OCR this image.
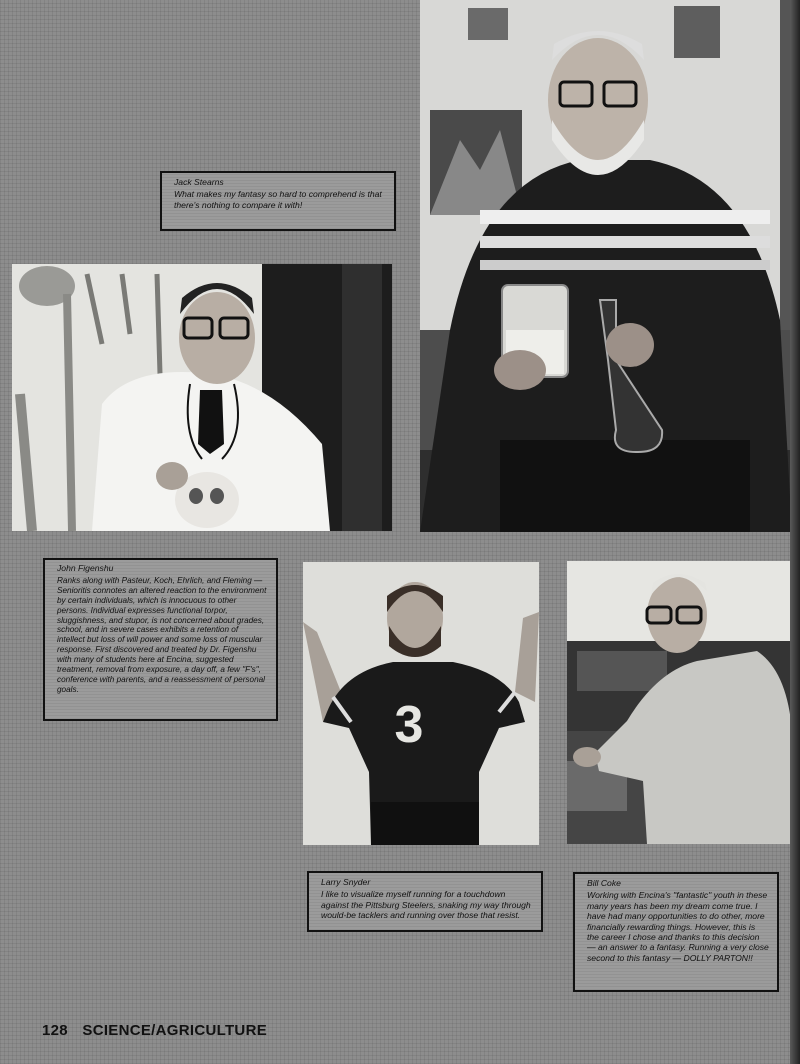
3
Jack Stearns
What makes my fantasy so hard to comprehend is that there's nothing to compare it with!
John Figenshu
Ranks along with Pasteur, Koch, Ehrlich, and Fleming — Senioritis connotes an altered reaction to the environment by certain individuals, which is innocuous to other persons. Individual expresses functional torpor, sluggishness, and stupor, is not concerned about grades, school, and in severe cases exhibits a retention of intellect but loss of will power and some loss of muscular response. First discovered and treated by Dr. Figenshu with many of students here at Encina, suggested treatment, removal from exposure, a day off, a few "F's", conference with parents, and a reassessment of personal goals.
Larry Snyder
I like to visualize myself running for a touchdown against the Pittsburg Steelers, snaking my way through would-be tacklers and running over those that resist.
Bill Coke
Working with Encina's "fantastic" youth in these many years has been my dream come true. I have had many opportunities to do other, more financially rewarding things. However, this is the career I chose and thanks to this decision — an answer to a fantasy. Running a very close second to this fantasy — DOLLY PARTON!!
128 SCIENCE/AGRICULTURE
